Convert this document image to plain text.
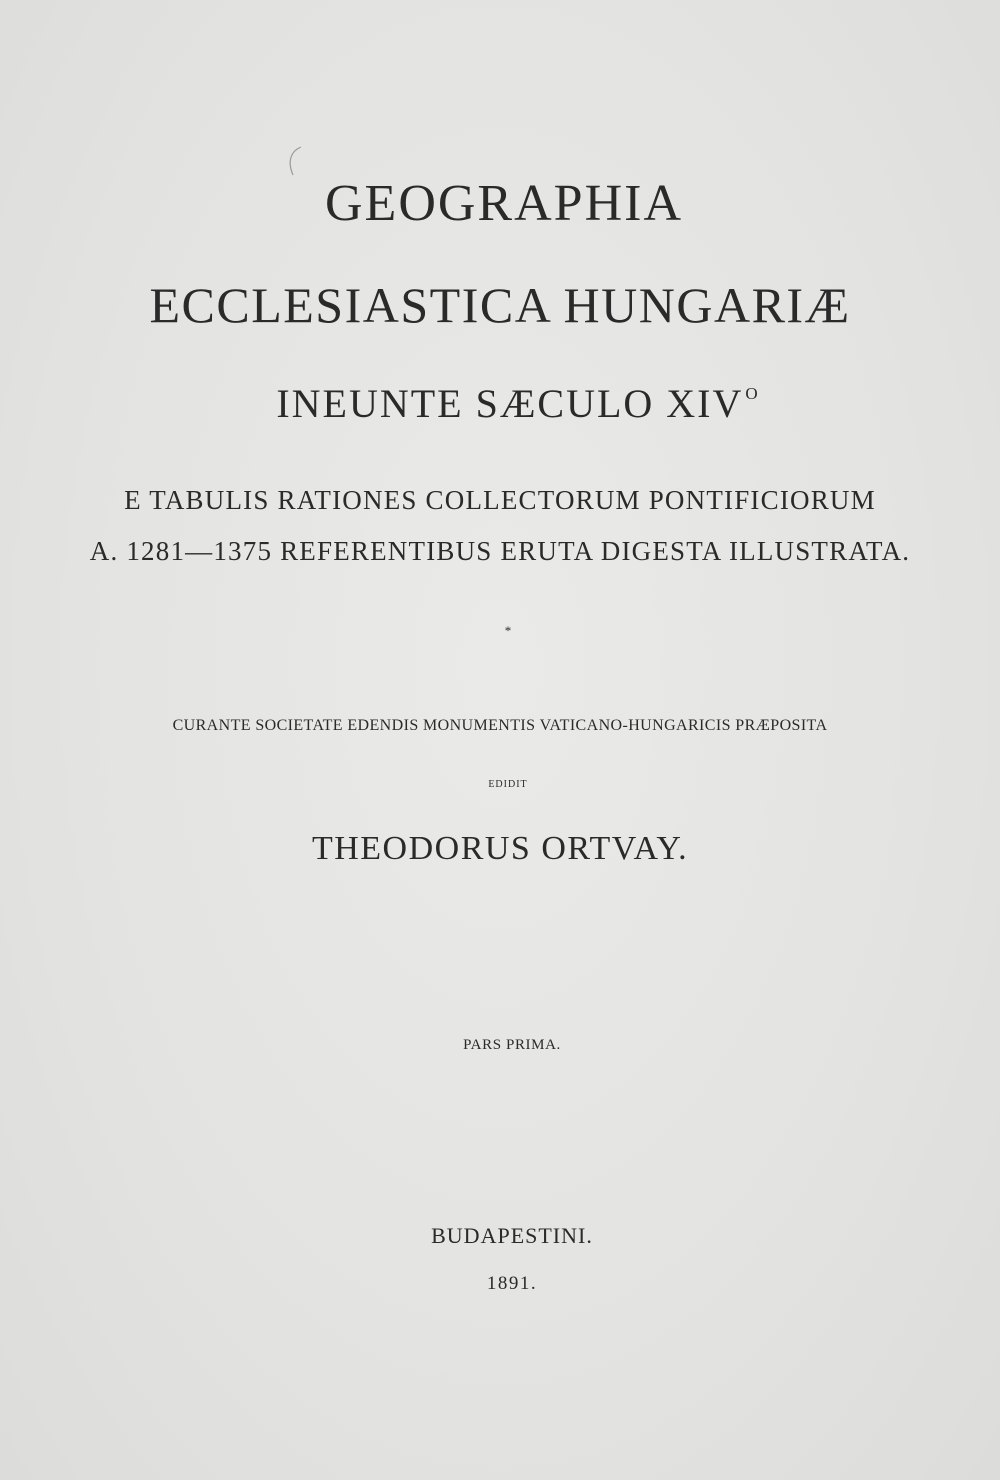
GEOGRAPHIA
ECCLESIASTICA HUNGARIÆ
INEUNTE SÆCULO XIV $^O$
E TABULIS RATIONES COLLECTORUM PONTIFICIORUM
A. 1281—1375 REFERENTIBUS ERUTA DIGESTA ILLUSTRATA.
*
CURANTE SOCIETATE EDENDIS MONUMENTIS VATICANO-HUNGARICIS PRÆPOSITA
EDIDIT
THEODORUS ORTVAY.
PARS PRIMA.
BUDAPESTINI.
1891.
